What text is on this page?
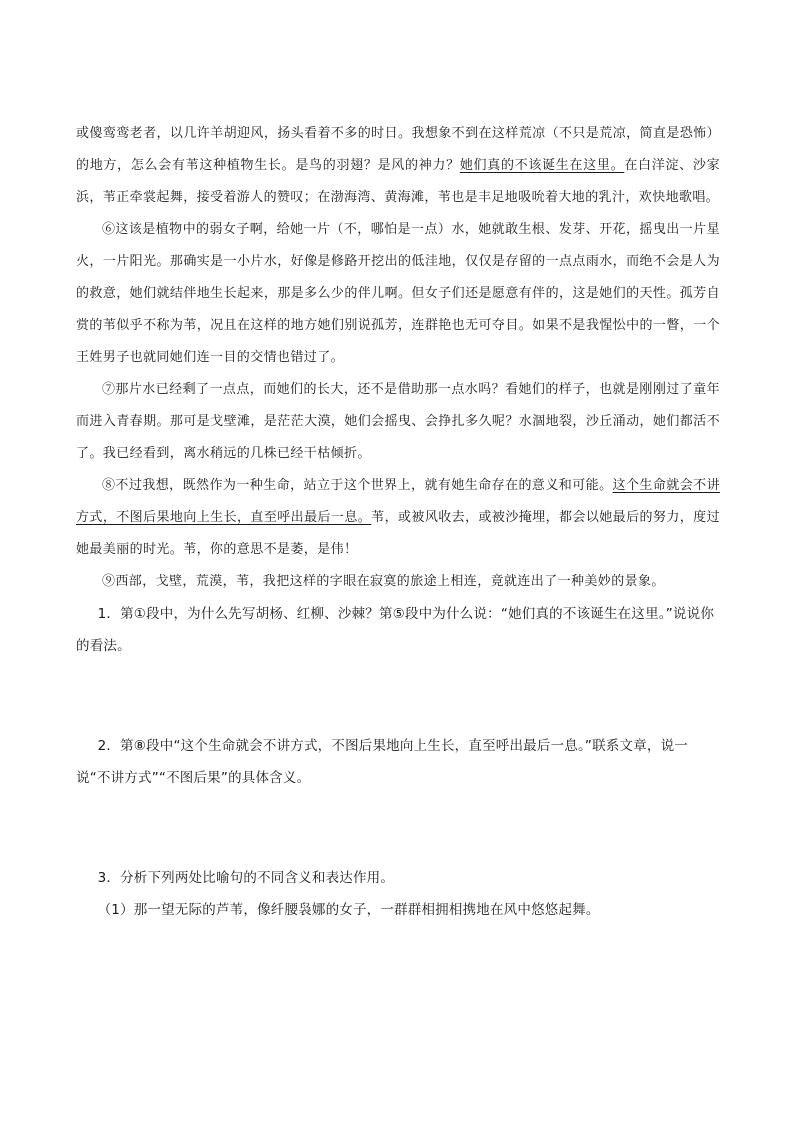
或傻鸾鸾老者，以几许羊胡迎风，扬头看着不多的时日。我想象不到在这样荒凉（不只是荒凉，简直是恐怖）的地方，怎么会有苇这种植物生长。是鸟的羽翅？是风的神力？她们真的不该诞生在这里。在白洋淀、沙家浜，苇正牵裳起舞，接受着游人的赞叹；在渤海湾、黄海滩，苇也是丰足地吸吮着大地的乳汁，欢快地歌唱。

⑥这该是植物中的弱女子啊，给她一片（不，哪怕是一点）水，她就敢生根、发芽、开花，摇曳出一片星火，一片阳光。那确实是一小片水，好像是修路开挖出的低洼地，仅仅是存留的一点点雨水，而绝不会是人为的救意，她们就结伴地生长起来，那是多么少的伴儿啊。但女子们还是愿意有伴的，这是她们的天性。孤芳自赏的苇似乎不称为苇，况且在这样的地方她们别说孤芳，连群艳也无可夺目。如果不是我惺忪中的一瞥，一个王姓男子也就同她们连一目的交情也错过了。

⑦那片水已经剩了一点点，而她们的长大，还不是借助那一点水吗？看她们的样子，也就是刚刚过了童年而进入青春期。那可是戈壁滩，是茫茫大漠，她们会摇曳、会挣扎多久呢？水涸地裂，沙丘涌动，她们都活不了。我已经看到，离水稍远的几株已经干枯倾折。

⑧不过我想，既然作为一种生命，站立于这个世界上，就有她生命存在的意义和可能。这个生命就会不讲方式，不图后果地向上生长，直至呼出最后一息。苇，或被风收去，或被沙掩埋，都会以她最后的努力，度过她最美丽的时光。苇，你的意思不是萎，是伟！

⑨西部，戈壁，荒漠，苇，我把这样的字眼在寂寞的旅途上相连，竟就连出了一种美妙的景象。

1．第①段中，为什么先写胡杨、红柳、沙棘？第⑤段中为什么说：“她们真的不该诞生在这里。”说说你的看法。

2．第⑧段中“这个生命就会不讲方式，不图后果地向上生长，直至呼出最后一息。”联系文章，说一说“不讲方式”“不图后果”的具体含义。

3．分析下列两处比喻句的不同含义和表达作用。

（1）那一望无际的芦苇，像纤腰袅娜的女子，一群群相拥相携地在风中悠悠起舞。
